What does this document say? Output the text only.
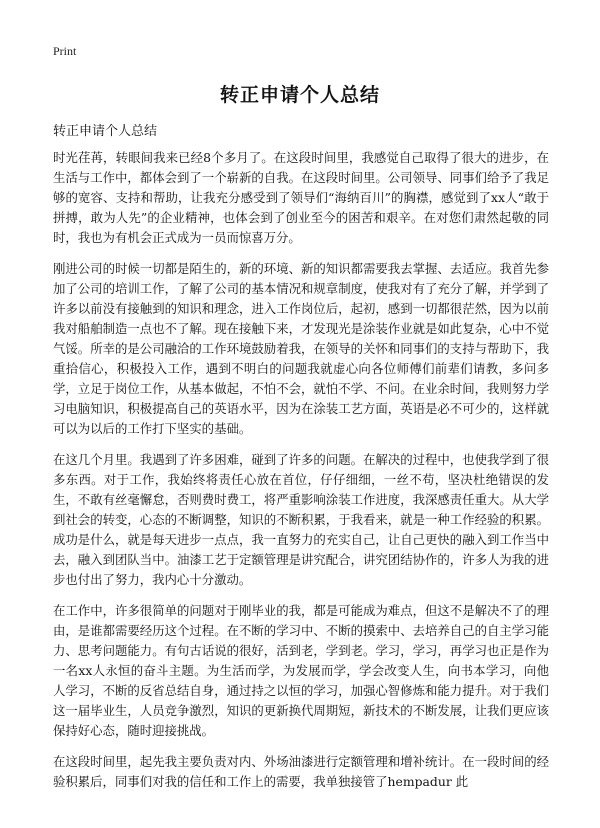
Print
转正申请个人总结
转正申请个人总结

时光荏苒，转眼间我来已经8个多月了。在这段时间里，我感觉自己取得了很大的进步，在生活与工作中，都体会到了一个崭新的自我。在这段时间里。公司领导、同事们给予了我足够的宽容、支持和帮助，让我充分感受到了领导们“海纳百川”的胸襟，感觉到了xx人“敢于拼搏，敢为人先”的企业精神，也体会到了创业至今的困苦和艰辛。在对您们肃然起敬的同时，我也为有机会正式成为一员而惊喜万分。

刚进公司的时候一切都是陌生的，新的环境、新的知识都需要我去掌握、去适应。我首先参加了公司的培训工作，了解了公司的基本情况和规章制度，使我对有了充分了解，并学到了许多以前没有接触到的知识和理念，进入工作岗位后，起初，感到一切都很茫然，因为以前我对船舶制造一点也不了解。现在接触下来，才发现光是涂装作业就是如此复杂，心中不觉气馁。所幸的是公司融洽的工作环境鼓励着我，在领导的关怀和同事们的支持与帮助下，我重拾信心，积极投入工作，遇到不明白的问题我就虚心向各位师傅们前辈们请教，多问多学，立足于岗位工作，从基本做起，不怕不会，就怕不学、不问。在业余时间，我则努力学习电脑知识，积极提高自己的英语水平，因为在涂装工艺方面，英语是必不可少的，这样就可以为以后的工作打下坚实的基础。

在这几个月里。我遇到了许多困难，碰到了许多的问题。在解决的过程中，也使我学到了很多东西。对于工作，我始终将责任心放在首位，仔仔细细，一丝不苟，坚决杜绝错误的发生，不敢有丝毫懈怠，否则费时费工，将严重影响涂装工作进度，我深感责任重大。从大学到社会的转变，心态的不断调整，知识的不断积累，于我看来，就是一种工作经验的积累。成功是什么，就是每天进步一点点，我一直努力的充实自己，让自己更快的融入到工作当中去，融入到团队当中。油漆工艺于定额管理是讲究配合，讲究团结协作的，许多人为我的进步也付出了努力，我内心十分激动。

在工作中，许多很简单的问题对于刚毕业的我，都是可能成为难点，但这不是解决不了的理由，是谁都需要经历这个过程。在不断的学习中、不断的摸索中、去培养自己的自主学习能力、思考问题能力。有句古话说的很好，活到老，学到老。学习，学习，再学习也正是作为一名xx人永恒的奋斗主题。为生活而学，为发展而学，学会改变人生，向书本学习，向他人学习，不断的反省总结自身，通过持之以恒的学习，加强心智修炼和能力提升。对于我们这一届毕业生，人员竞争激烈，知识的更新换代周期短，新技术的不断发展，让我们更应该保持好心态，随时迎接挑战。

在这段时间里，起先我主要负责对内、外场油漆进行定额管理和增补统计。在一段时间的经验积累后，同事们对我的信任和工作上的需要，我单独接管了hempadur 此
